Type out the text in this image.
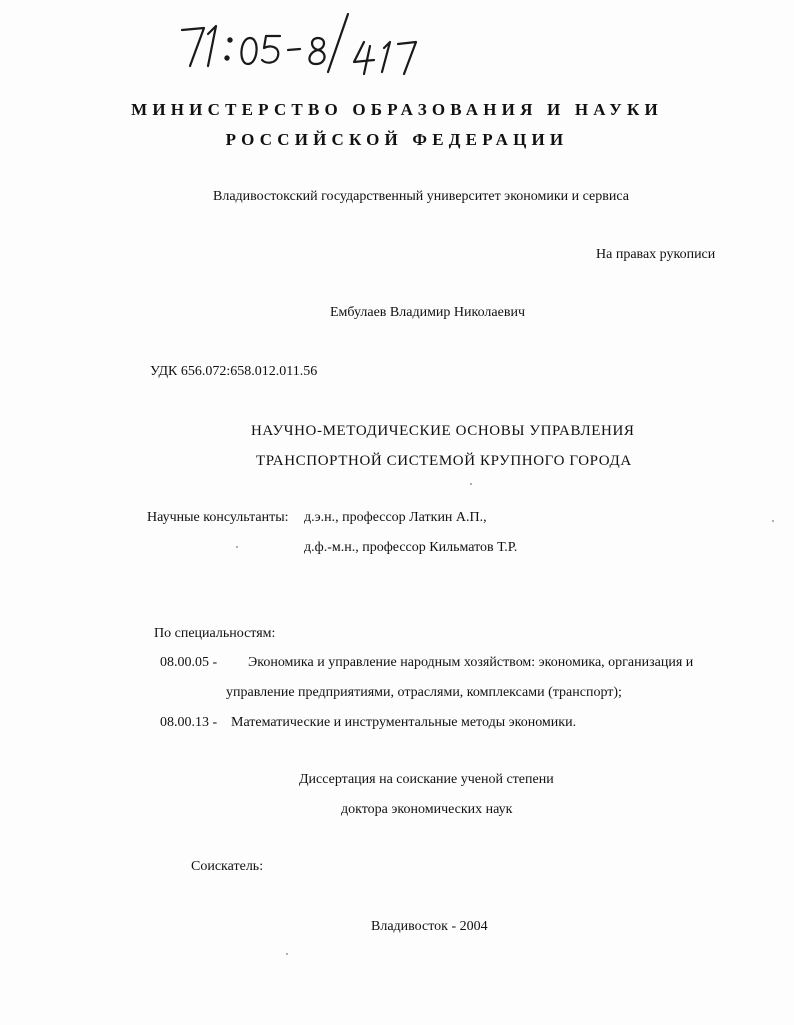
МИНИСТЕРСТВО ОБРАЗОВАНИЯ И НАУКИ
РОССИЙСКОЙ ФЕДЕРАЦИИ
Владивостокский государственный университет экономики и сервиса
На правах рукописи
Ембулаев Владимир Николаевич
УДК 656.072:658.012.011.56
НАУЧНО-МЕТОДИЧЕСКИЕ ОСНОВЫ УПРАВЛЕНИЯ
ТРАНСПОРТНОЙ СИСТЕМОЙ КРУПНОГО ГОРОДА
Научные консультанты: д.э.н., профессор Латкин А.П.,
д.ф.-м.н., профессор Кильматов Т.Р.
По специальностям:
08.00.05 - Экономика и управление народным хозяйством: экономика, организация и
управление предприятиями, отраслями, комплексами (транспорт);
08.00.13 - Математические и инструментальные методы экономики.
Диссертация на соискание ученой степени
доктора экономических наук
Соискатель:
Владивосток - 2004
